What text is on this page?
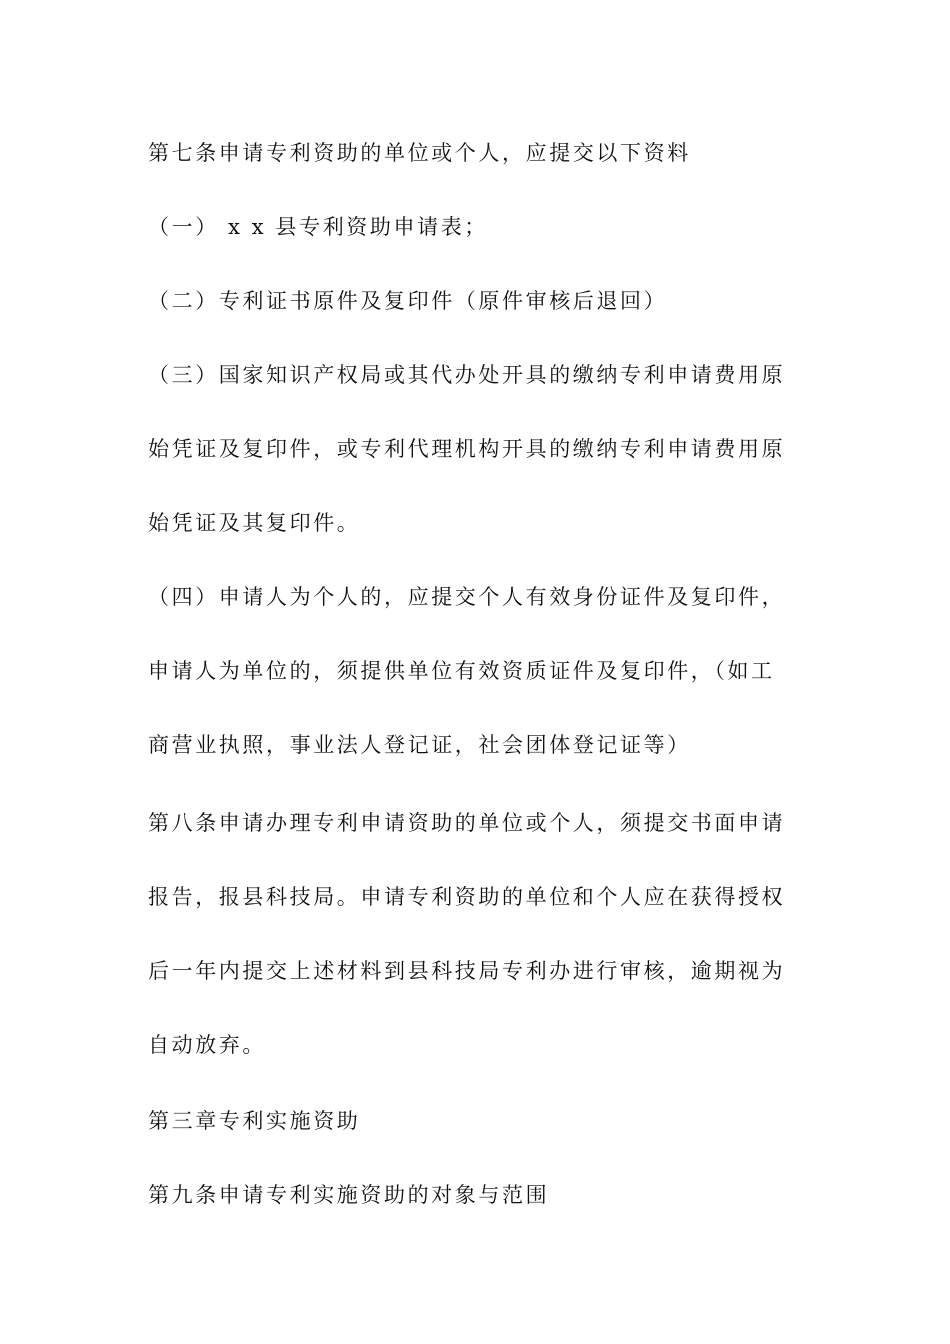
第七条申请专利资助的单位或个人，应提交以下资料
（一） x x 县专利资助申请表；
（二）专利证书原件及复印件（原件审核后退回）
（三）国家知识产权局或其代办处开具的缴纳专利申请费用原
始凭证及复印件，或专利代理机构开具的缴纳专利申请费用原
始凭证及其复印件。
（四）申请人为个人的，应提交个人有效身份证件及复印件，
申请人为单位的，须提供单位有效资质证件及复印件，（如工
商营业执照，事业法人登记证，社会团体登记证等）
第八条申请办理专利申请资助的单位或个人，须提交书面申请
报告，报县科技局。申请专利资助的单位和个人应在获得授权
后一年内提交上述材料到县科技局专利办进行审核，逾期视为
自动放弃。
第三章专利实施资助
第九条申请专利实施资助的对象与范围
